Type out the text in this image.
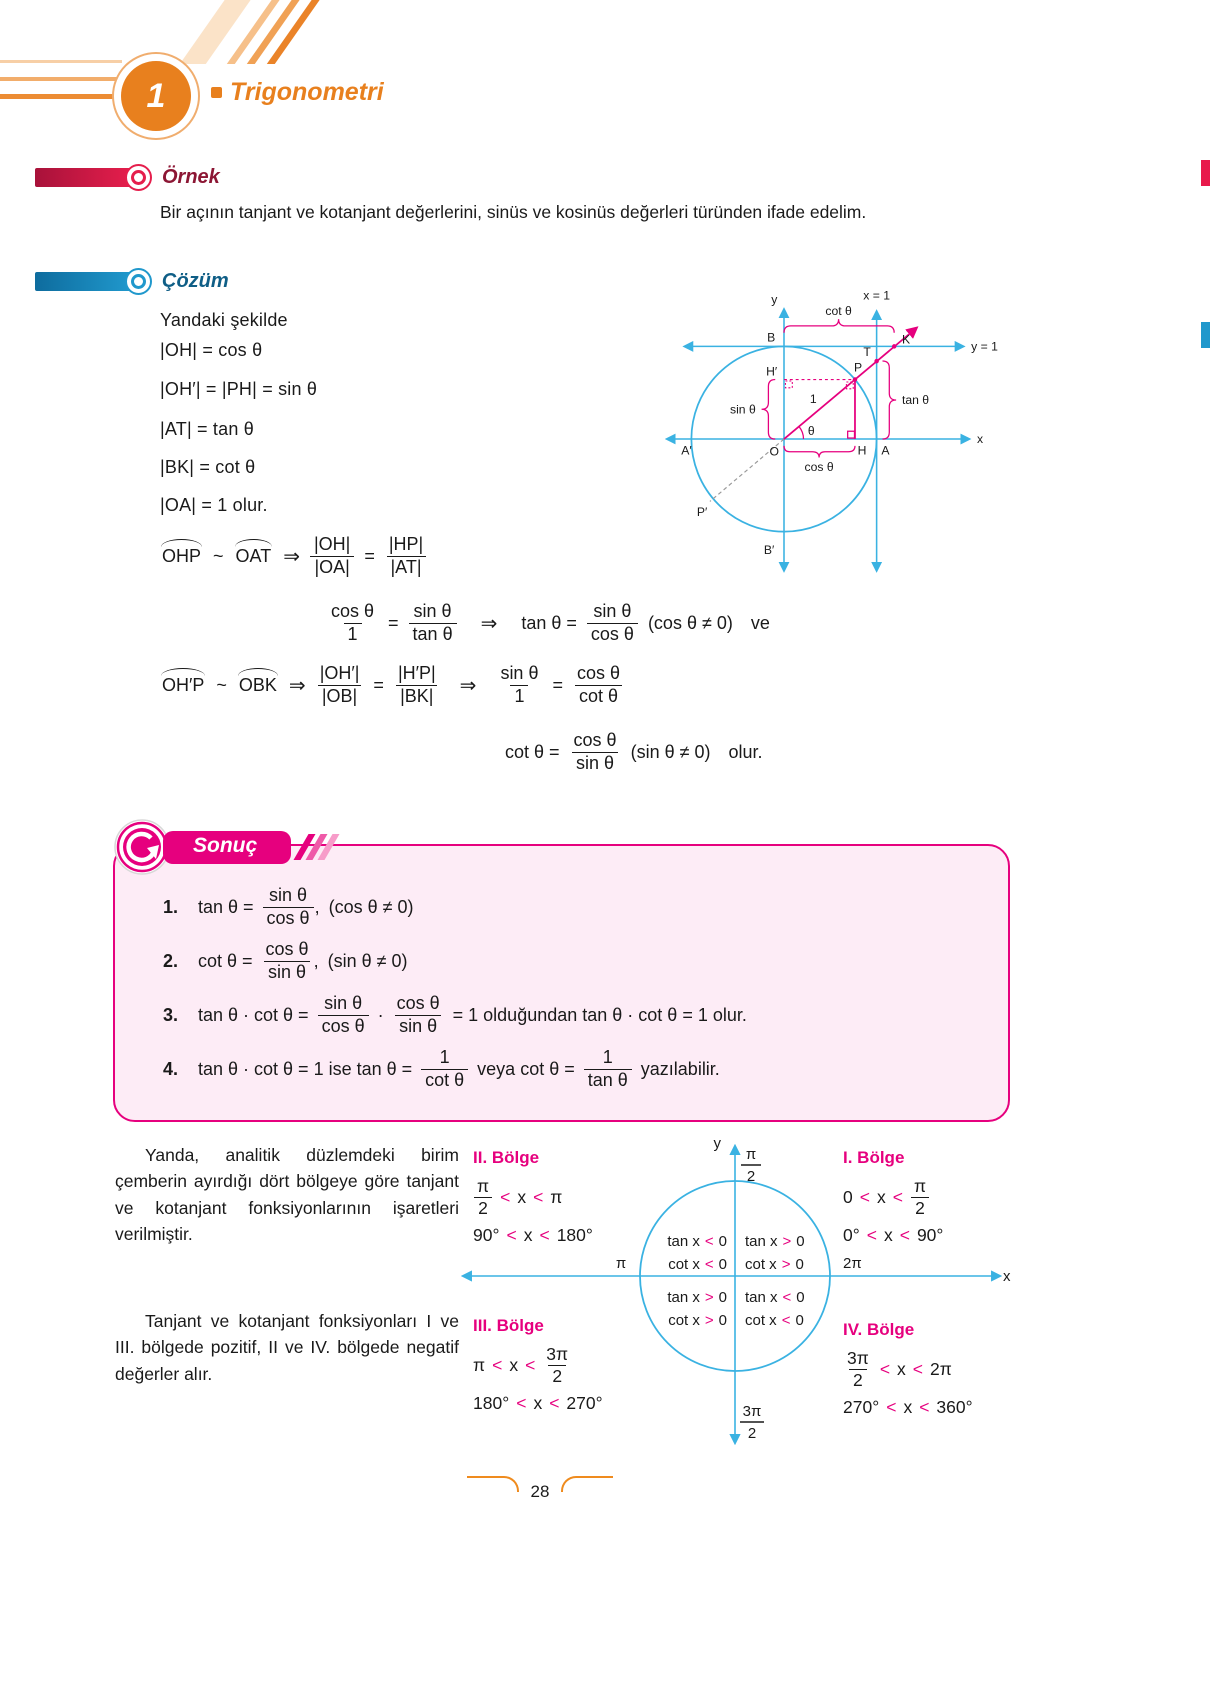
1	Trigonometri
Örnek

Bir açının tanjant ve kotanjant değerlerini, sinüs ve kosinüs değerleri türünden ifade edelim.

Çözüm
Yandaki şekilde
|OH| = cos θ
|OH′| = |PH| = sin θ
|AT| = tan θ
|BK| = cot θ
|OA| = 1 olur.
OHP ~ OAT ⇒ $\frac{|OH|}{|OA|} = \frac{|HP|}{|AT|}$
$\frac{\text{cos θ}}{1} = \frac{\text{sin θ}}{\text{tan θ}}$ ⇒ $\tan \theta = \frac{\text{sin θ}}{\text{cos θ}} (\cos$ θ ≠ 0) ve
OH′P ~ OBK ⇒ $\frac{|OH'|}{|OB|} = \frac{|H'P|}{|BK|}$ ⇒ $\frac{\text{sin θ}}{1} = \frac{\text{cos θ}}{\text{cot θ}}$
$\cot \theta = \frac{\text{cos θ}}{\text{sin θ}} (\sin$ θ ≠ 0) olur.
y	x = 1
x
y = 1
cot θ
tan θ
sin θ
cos θ
B
H′	P
T
K
1
θ
A′	O	H A
P′
B′
Sonuç
1.	$\tan \theta = \frac{\text{sin θ}}{\text{cos θ}}$ , (cos θ ≠ 0)
2.	$\cot \theta = \frac{\text{cos θ}}{\text{sin θ}}$ , (sin θ ≠ 0)
3.	$\tan \theta \cdot \cot \theta = \frac{\text{sin θ}}{\text{cos θ}} \cdot \frac{\text{cos θ}}{\text{sin θ}} = 1$ olduğundan tan θ · cot θ = 1 olur.
4.	tan θ · cot θ = 1 ise $\tan \theta = \frac{1}{\text{cot θ}}$ veya $\cot \theta = \frac{1}{\text{tan θ}}$ yazılabilir.

Yanda, analitik düzlemdeki birim çemberin ayırdığı dört bölgeye göre tanjant ve kotanjant fonksiyonlarının işaretleri verilmiştir.

Tanjant ve kotanjant fonksiyonları I ve III. bölgede pozitif, II ve IV. bölgede negatif değerler alır.

y
x
π	2π
π
2
3π
2
tan x < 0
cot x < 0
tan x > 0
cot x > 0
tan x > 0
cot x > 0
tan x < 0
cot x < 0
II. Bölge
$\frac{\pi}{2} < x < \pi$
90° < x < 180°
I. Bölge
$0 < x < \frac{\pi}{2}$
0° < x < 90°
III. Bölge
$\pi < x < \frac{3\pi}{2}$
180° < x < 270°
IV. Bölge
$\frac{3\pi}{2} < x < 2\pi$
270° < x < 360°
28
